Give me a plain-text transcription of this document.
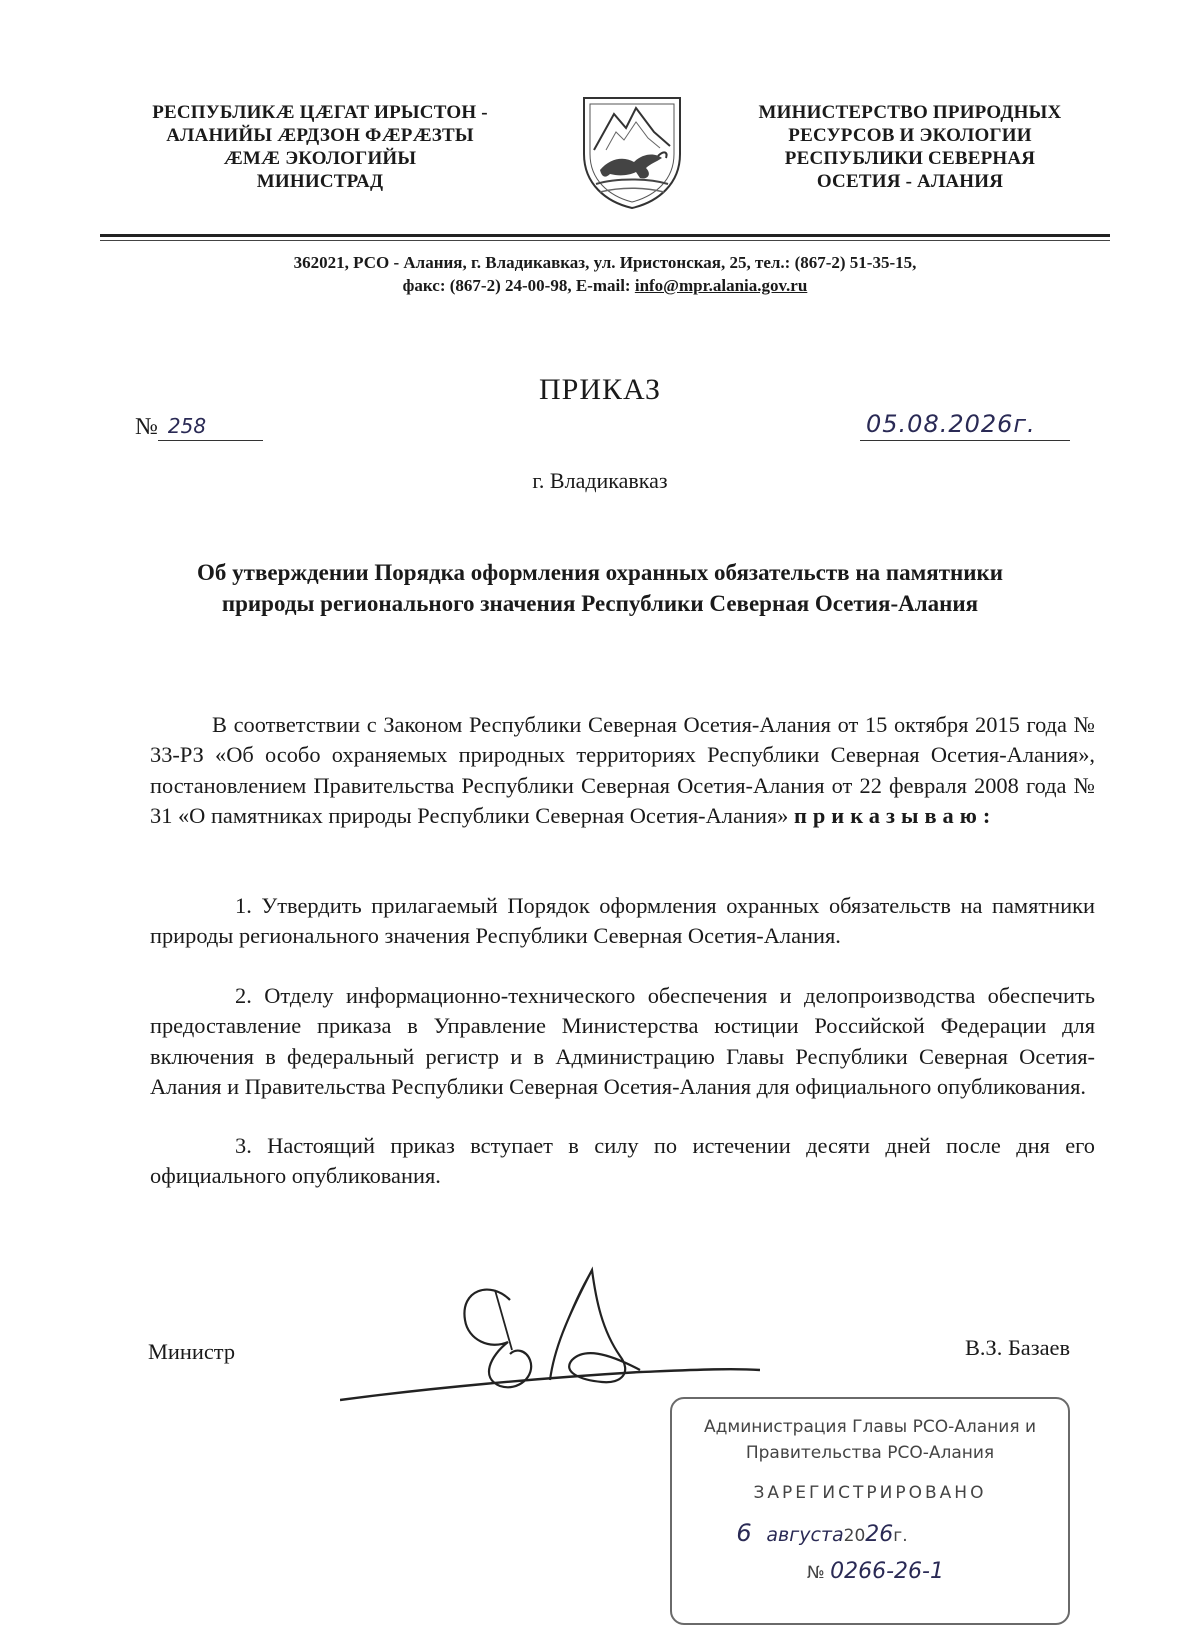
РЕСПУБЛИКÆ ЦÆГАТ ИРЫСТОН -
АЛАНИЙЫ ÆРДЗОН ФÆРÆЗТЫ
ÆМÆ ЭКОЛОГИЙЫ
МИНИСТРАД
МИНИСТЕРСТВО ПРИРОДНЫХ
РЕСУРСОВ И ЭКОЛОГИИ
РЕСПУБЛИКИ СЕВЕРНАЯ
ОСЕТИЯ - АЛАНИЯ
362021, РСО - Алания, г. Владикавказ, ул. Иристонская, 25, тел.: (867-2) 51-35-15,
факс: (867-2) 24-00-98, E-mail: info@mpr.alania.gov.ru
ПРИКАЗ
№ 258	05.08.2026г.
г. Владикавказ
Об утверждении Порядка оформления охранных обязательств на памятники природы регионального значения Республики Северная Осетия-Алания
В соответствии с Законом Республики Северная Осетия-Алания от 15 октября 2015 года № 33-РЗ «Об особо охраняемых природных территориях Республики Северная Осетия-Алания», постановлением Правительства Республики Северная Осетия-Алания от 22 февраля 2008 года № 31 «О памятниках природы Республики Северная Осетия-Алания» приказываю:
1. Утвердить прилагаемый Порядок оформления охранных обязательств на памятники природы регионального значения Республики Северная Осетия-Алания.
2. Отделу информационно-технического обеспечения и делопроизводства обеспечить предоставление приказа в Управление Министерства юстиции Российской Федерации для включения в федеральный регистр и в Администрацию Главы Республики Северная Осетия-Алания и Правительства Республики Северная Осетия-Алания для официального опубликования.
3. Настоящий приказ вступает в силу по истечении десяти дней после дня его официального опубликования.
Министр	В.З. Базаев
Администрация Главы РСО-Алания и
Правительства РСО-Алания
ЗАРЕГИСТРИРОВАНО
6 августа2026г.
№ 0266-26-1
